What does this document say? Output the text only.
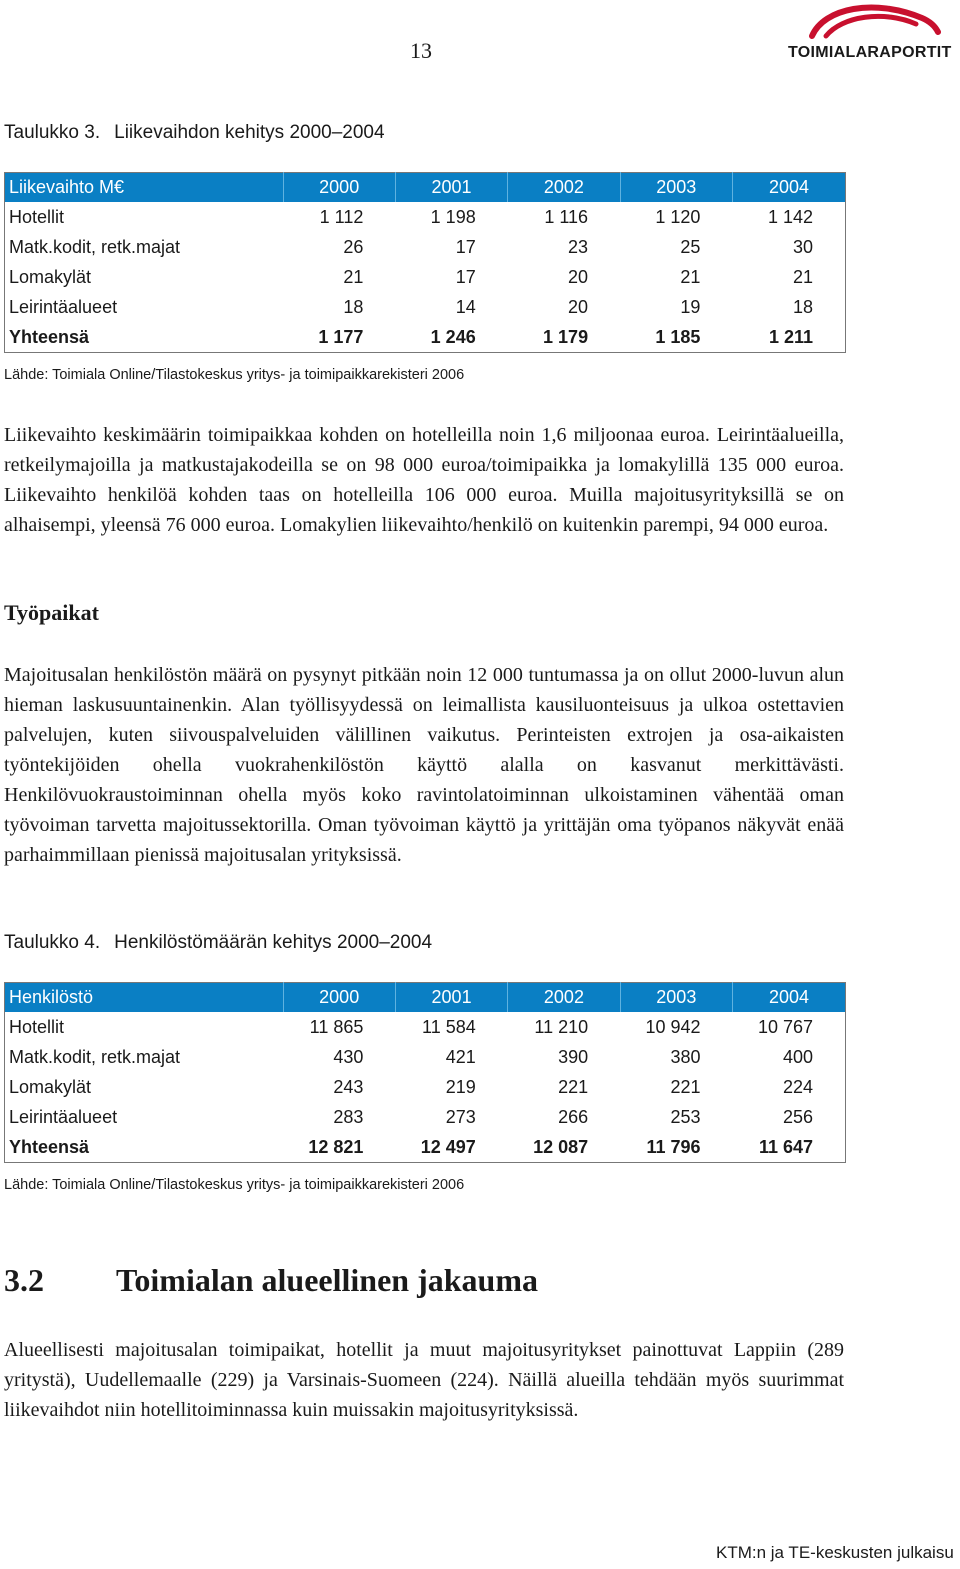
13	TOIMIALARAPORTIT
Taulukko 3. Liikevaihdon kehitys 2000–2004
Liikevaihto M€	2000	2001	2002	2003	2004
Hotellit	1 112	1 198	1 116	1 120	1 142
Matk.kodit, retk.majat	26	17	23	25	30
Lomakylät	21	17	20	21	21
Leirintäalueet	18	14	20	19	18
Yhteensä	1 177	1 246	1 179	1 185	1 211
Lähde: Toimiala Online/Tilastokeskus yritys- ja toimipaikkarekisteri 2006

Liikevaihto keskimäärin toimipaikkaa kohden on hotelleilla noin 1,6 miljoonaa euroa. Leirintäalueilla, retkeilymajoilla ja matkustajakodeilla se on 98 000 euroa/toimipaikka ja lomakylillä 135 000 euroa. Liikevaihto henkilöä kohden taas on hotelleilla 106 000 euroa. Muilla majoitusyrityksillä se on alhaisempi, yleensä 76 000 euroa. Lomakylien liikevaihto/henkilö on kuitenkin parempi, 94 000 euroa.

Työpaikat

Majoitusalan henkilöstön määrä on pysynyt pitkään noin 12 000 tuntumassa ja on ollut 2000-luvun alun hieman laskusuuntainenkin. Alan työllisyydessä on leimallista kausiluonteisuus ja ulkoa ostettavien palvelujen, kuten siivouspalveluiden välillinen vaikutus. Perinteisten extrojen ja osa-aikaisten työntekijöiden ohella vuokrahenkilöstön käyttö alalla on kasvanut merkittävästi. Henkilövuokraustoiminnan ohella myös koko ravintolatoiminnan ulkoistaminen vähentää oman työvoiman tarvetta majoitussektorilla. Oman työvoiman käyttö ja yrittäjän oma työpanos näkyvät enää parhaimmillaan pienissä majoitusalan yrityksissä.

Taulukko 4. Henkilöstömäärän kehitys 2000–2004
Henkilöstö	2000	2001	2002	2003	2004
Hotellit	11 865	11 584	11 210	10 942	10 767
Matk.kodit, retk.majat	430	421	390	380	400
Lomakylät	243	219	221	221	224
Leirintäalueet	283	273	266	253	256
Yhteensä	12 821	12 497	12 087	11 796	11 647
Lähde: Toimiala Online/Tilastokeskus yritys- ja toimipaikkarekisteri 2006
3.2 Toimialan alueellinen jakauma

Alueellisesti majoitusalan toimipaikat, hotellit ja muut majoitusyritykset painottuvat Lappiin (289 yritystä), Uudellemaalle (229) ja Varsinais-Suomeen (224). Näillä alueilla tehdään myös suurimmat liikevaihdot niin hotellitoiminnassa kuin muissakin majoitusyrityksissä.

KTM:n ja TE-keskusten julkaisu
